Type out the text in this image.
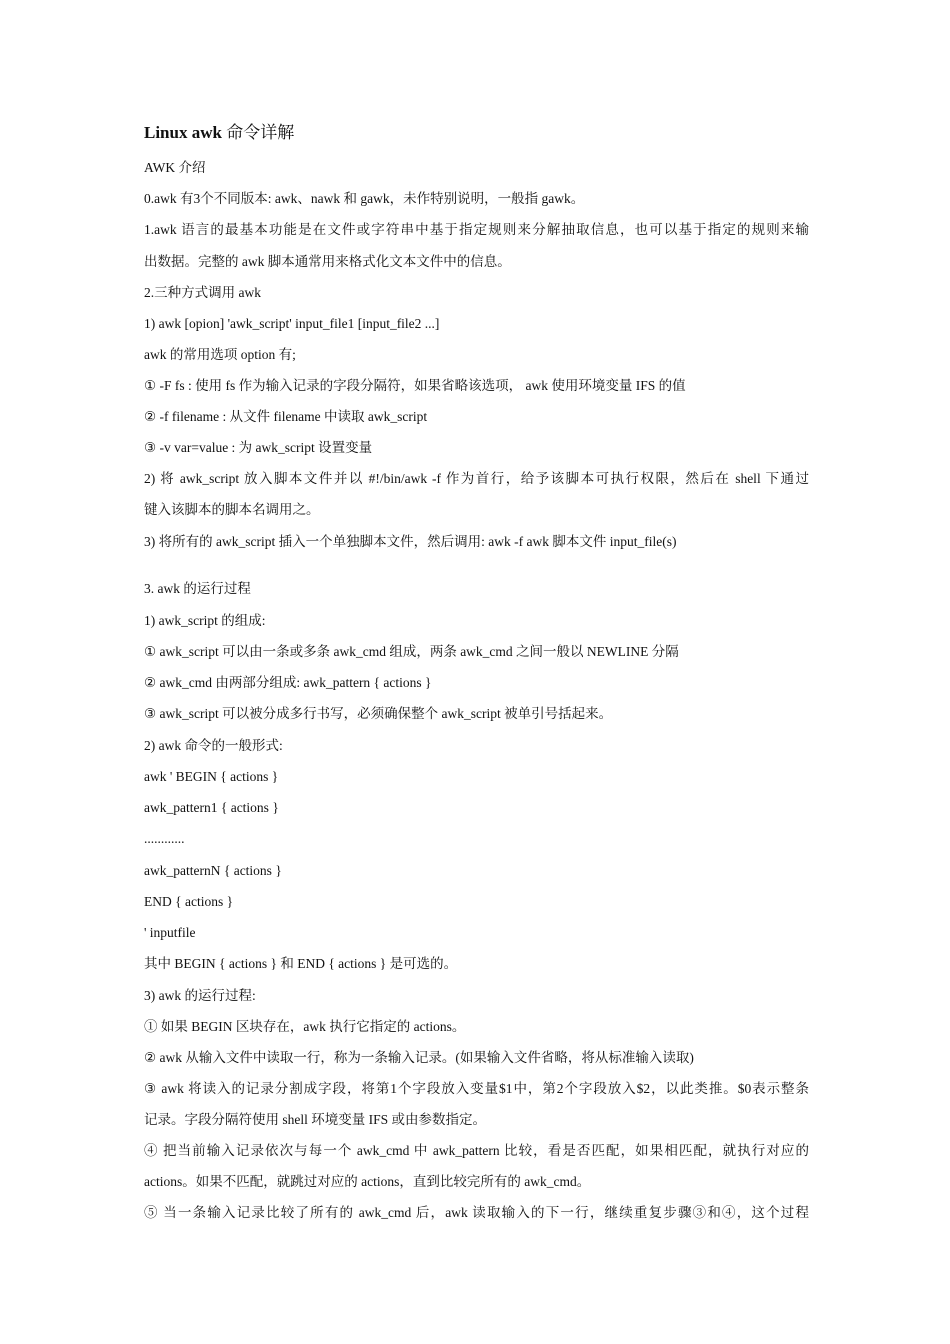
Linux awk 命令详解
AWK 介绍
0.awk 有3个不同版本: awk、nawk 和 gawk，未作特别说明，一般指 gawk。
1.awk 语言的最基本功能是在文件或字符串中基于指定规则来分解抽取信息，也可以基于指定的规则来输
出数据。完整的 awk 脚本通常用来格式化文本文件中的信息。
2.三种方式调用 awk
1) awk [opion] 'awk_script' input_file1 [input_file2 ...]
awk 的常用选项 option 有;
① -F fs : 使用 fs 作为输入记录的字段分隔符，如果省略该选项， awk 使用环境变量 IFS 的值
② -f filename : 从文件 filename 中读取 awk_script
③ -v var=value : 为 awk_script 设置变量
2) 将 awk_script 放入脚本文件并以 #!/bin/awk -f 作为首行，给予该脚本可执行权限，然后在 shell 下通过
键入该脚本的脚本名调用之。
3) 将所有的 awk_script 插入一个单独脚本文件，然后调用: awk -f awk 脚本文件 input_file(s)
3. awk 的运行过程
1) awk_script 的组成:
① awk_script 可以由一条或多条 awk_cmd 组成，两条 awk_cmd 之间一般以 NEWLINE 分隔
② awk_cmd 由两部分组成: awk_pattern { actions }
③ awk_script 可以被分成多行书写，必须确保整个 awk_script 被单引号括起来。
2) awk 命令的一般形式:
awk ' BEGIN { actions }
awk_pattern1 { actions }
............
awk_patternN { actions }
END { actions }
' inputfile
其中 BEGIN { actions } 和 END { actions } 是可选的。
3) awk 的运行过程:
① 如果 BEGIN 区块存在，awk 执行它指定的 actions。
② awk 从输入文件中读取一行，称为一条输入记录。(如果输入文件省略，将从标准输入读取)
③ awk 将读入的记录分割成字段，将第1个字段放入变量$1中，第2个字段放入$2，以此类推。$0表示整条
记录。字段分隔符使用 shell 环境变量 IFS 或由参数指定。
④ 把当前输入记录依次与每一个 awk_cmd 中 awk_pattern 比较，看是否匹配，如果相匹配，就执行对应的
actions。如果不匹配，就跳过对应的 actions，直到比较完所有的 awk_cmd。
⑤ 当一条输入记录比较了所有的 awk_cmd 后，awk 读取输入的下一行，继续重复步骤③和④，这个过程
